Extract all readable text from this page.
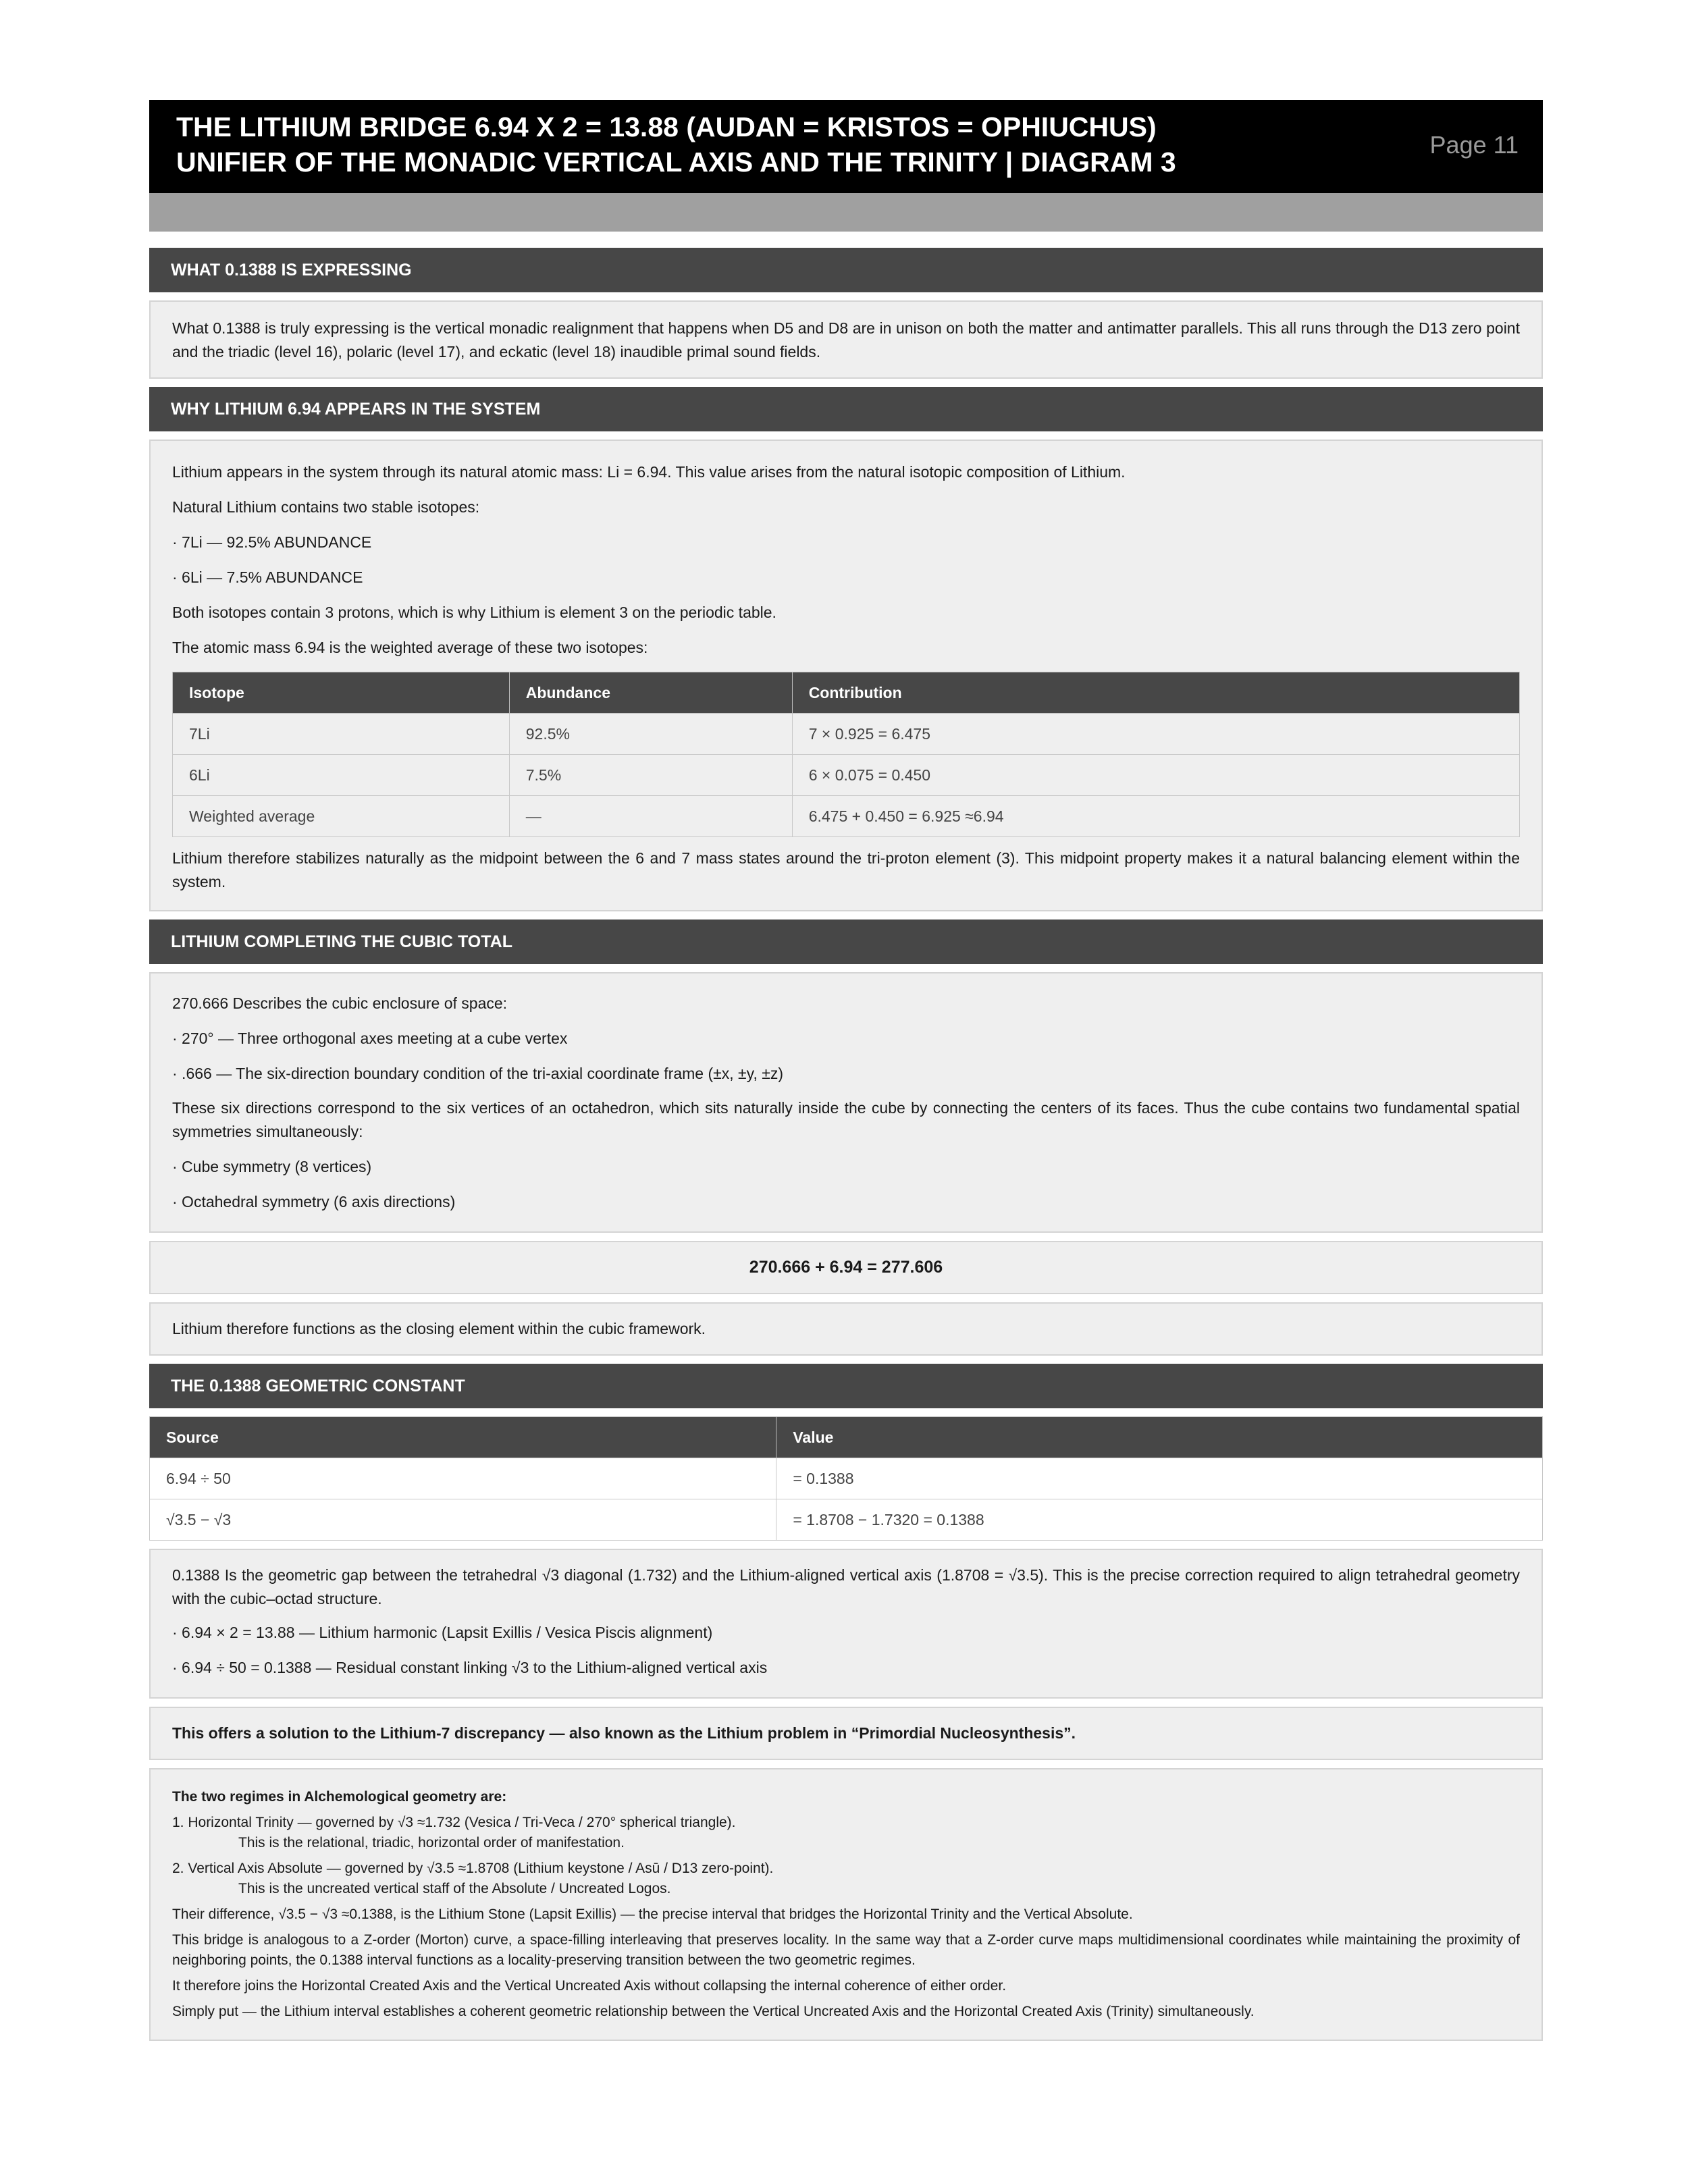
THE LITHIUM BRIDGE 6.94 X 2 = 13.88 (AUDAN = KRISTOS = OPHIUCHUS)
UNIFIER OF THE MONADIC VERTICAL AXIS AND THE TRINITY | DIAGRAM 3
Page 11
WHAT 0.1388 IS EXPRESSING

What 0.1388 is truly expressing is the vertical monadic realignment that happens when D5 and D8 are in unison on both the matter and antimatter parallels. This all runs through the D13 zero point and the triadic (level 16), polaric (level 17), and eckatic (level 18) inaudible primal sound fields.

WHY LITHIUM 6.94 APPEARS IN THE SYSTEM
Lithium appears in the system through its natural atomic mass: Li = 6.94. This value arises from the natural isotopic composition of Lithium.
Natural Lithium contains two stable isotopes:
· 7Li — 92.5% ABUNDANCE
· 6Li — 7.5% ABUNDANCE
Both isotopes contain 3 protons, which is why Lithium is element 3 on the periodic table.
The atomic mass 6.94 is the weighted average of these two isotopes:
Isotope	Abundance	Contribution
7Li	92.5%	7 × 0.925 = 6.475
6Li	7.5%	6 × 0.075 = 0.450
Weighted average	—	6.475 + 0.450 = 6.925 ≈6.94

Lithium therefore stabilizes naturally as the midpoint between the 6 and 7 mass states around the tri-proton element (3). This midpoint property makes it a natural balancing element within the system.

LITHIUM COMPLETING THE CUBIC TOTAL
270.666 Describes the cubic enclosure of space:
· 270° — Three orthogonal axes meeting at a cube vertex
· .666 — The six-direction boundary condition of the tri-axial coordinate frame (±x, ±y, ±z)

These six directions correspond to the six vertices of an octahedron, which sits naturally inside the cube by connecting the centers of its faces. Thus the cube contains two fundamental spatial symmetries simultaneously:

· Cube symmetry (8 vertices)
· Octahedral symmetry (6 axis directions)

270.666 + 6.94 = 277.606

Lithium therefore functions as the closing element within the cubic framework.

THE 0.1388 GEOMETRIC CONSTANT
Source	Value
6.94 ÷ 50	= 0.1388
√3.5 − √3	= 1.8708 − 1.7320 = 0.1388

0.1388 Is the geometric gap between the tetrahedral √3 diagonal (1.732) and the Lithium-aligned vertical axis (1.8708 = √3.5). This is the precise correction required to align tetrahedral geometry with the cubic–octad structure.

· 6.94 × 2 = 13.88 — Lithium harmonic (Lapsit Exillis / Vesica Piscis alignment)
· 6.94 ÷ 50 = 0.1388 — Residual constant linking √3 to the Lithium-aligned vertical axis

This offers a solution to the Lithium-7 discrepancy — also known as the Lithium problem in “Primordial Nucleosynthesis”.

The two regimes in Alchemological geometry are:

1. Horizontal Trinity — governed by √3 ≈1.732 (Vesica / Tri-Veca / 270° spherical triangle).

This is the relational, triadic, horizontal order of manifestation.

2. Vertical Axis Absolute — governed by √3.5 ≈1.8708 (Lithium keystone / Asū / D13 zero-point).

This is the uncreated vertical staff of the Absolute / Uncreated Logos.

Their difference, √3.5 − √3 ≈0.1388, is the Lithium Stone (Lapsit Exillis) — the precise interval that bridges the Horizontal Trinity and the Vertical Absolute.

This bridge is analogous to a Z-order (Morton) curve, a space-filling interleaving that preserves locality. In the same way that a Z-order curve maps multidimensional coordinates while maintaining the proximity of neighboring points, the 0.1388 interval functions as a locality-preserving transition between the two geometric regimes.

It therefore joins the Horizontal Created Axis and the Vertical Uncreated Axis without collapsing the internal coherence of either order.

Simply put — the Lithium interval establishes a coherent geometric relationship between the Vertical Uncreated Axis and the Horizontal Created Axis (Trinity) simultaneously.
